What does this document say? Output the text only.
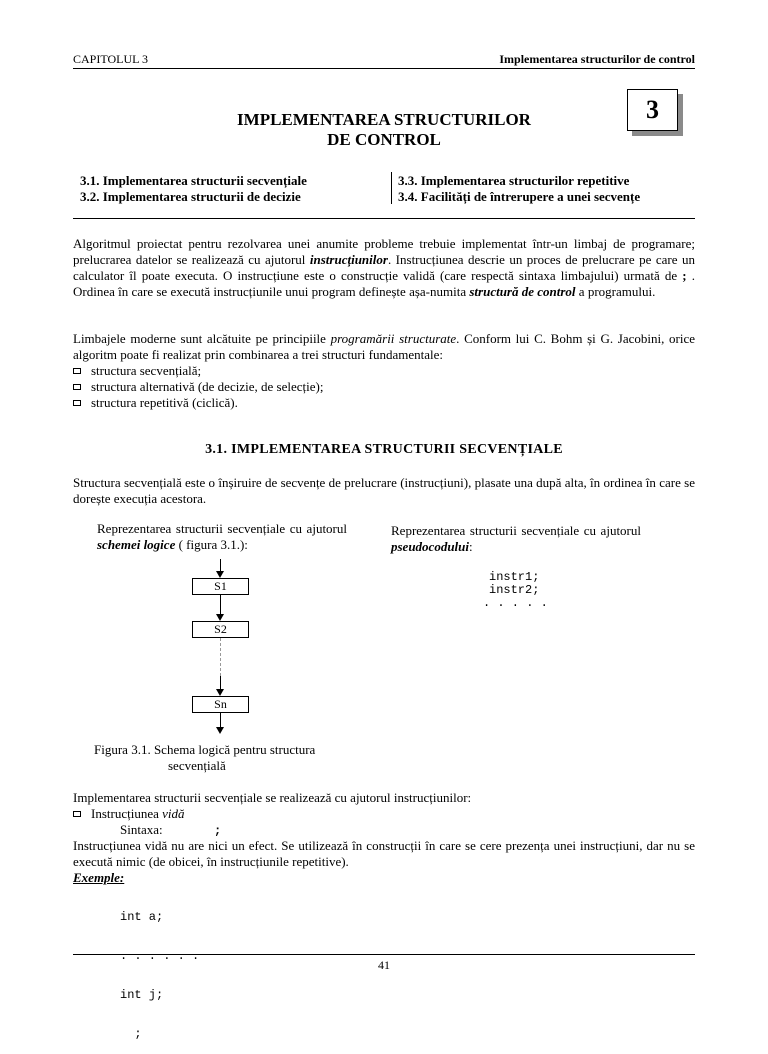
CAPITOLUL 3	Implementarea structurilor de control
3
IMPLEMENTAREA STRUCTURILOR
DE CONTROL
3.1. Implementarea structurii secvențiale
3.2. Implementarea structurii de decizie
3.3. Implementarea structurilor repetitive
3.4. Facilități de întrerupere a unei secvențe
Algoritmul proiectat pentru rezolvarea unei anumite probleme trebuie implementat într-un limbaj de programare; prelucrarea datelor se realizează cu ajutorul instrucțiunilor. Instrucțiunea descrie un proces de prelucrare pe care un calculator îl poate executa. O instrucțiune este o construcție validă (care respectă sintaxa limbajului) urmată de ; . Ordinea în care se execută instrucțiunile unui program definește așa-numita structură de control a programului.
Limbajele moderne sunt alcătuite pe principiile programării structurate. Conform lui C. Bohm și G. Jacobini, orice algoritm poate fi realizat prin combinarea a trei structuri fundamentale:
structura secvențială;
structura alternativă (de decizie, de selecție);
structura repetitivă (ciclică).
3.1. IMPLEMENTAREA STRUCTURII SECVENȚIALE
Structura secvențială este o înșiruire de secvențe de prelucrare (instrucțiuni), plasate una după alta, în ordinea în care se dorește execuția acestora.
Reprezentarea structurii secvențiale cu ajutorul schemei logice ( figura 3.1.):
Reprezentarea structurii secvențiale cu ajutorul pseudocodului:
instr1;
instr2;
. . . . .
S1
S2
Sn
Figura 3.1. Schema logică pentru structura
secvențială
Implementarea structurii secvențiale se realizează cu ajutorul instrucțiunilor:
Instrucțiunea vidă
Sintaxa:	;
Instrucțiunea vidă nu are nici un efect. Se utilizează în construcții în care se cere prezența unei instrucțiuni, dar nu se execută nimic (de obicei, în instrucțiunile repetitive).
Exemple:

int a;

. . . . . .

int j;

;

41
